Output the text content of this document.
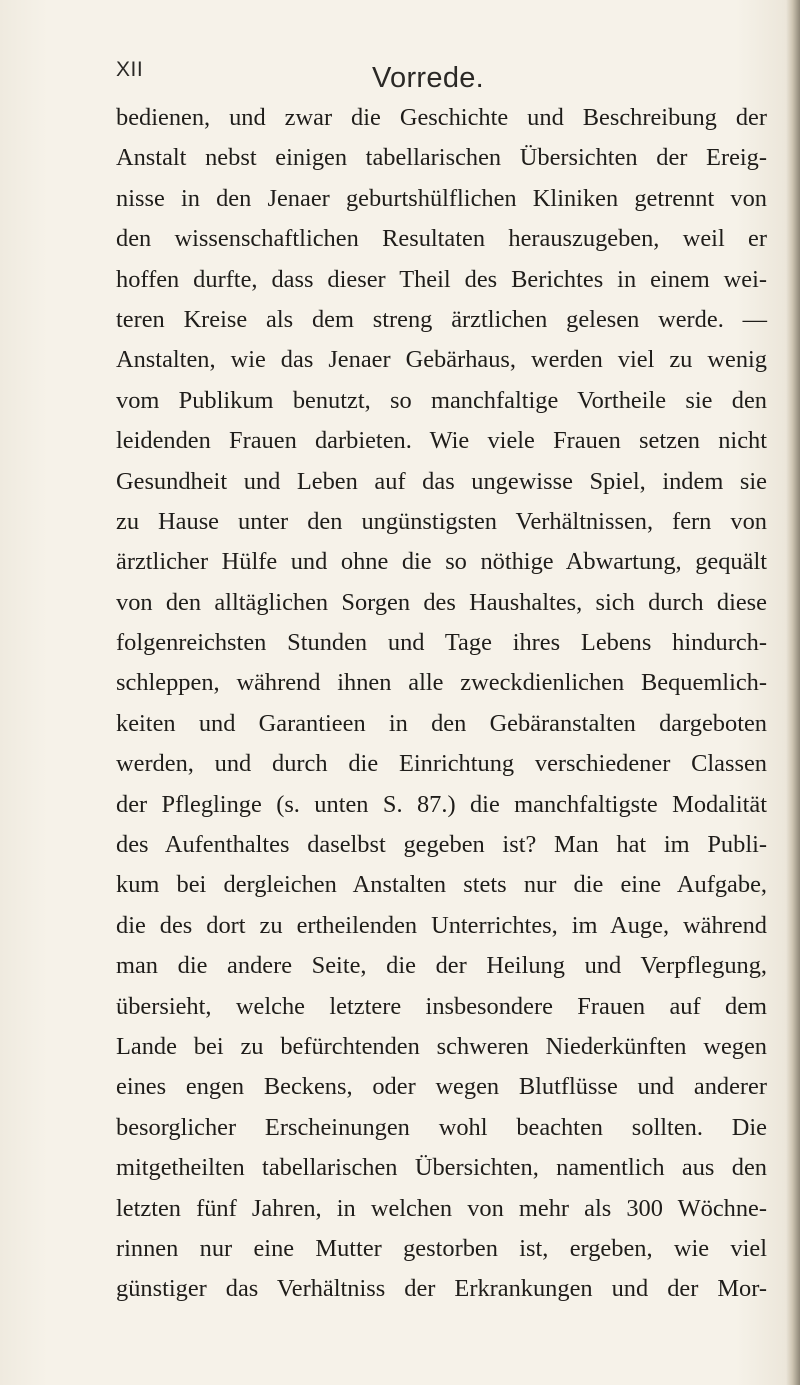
XII	Vorrede.
bedienen, und zwar die Geschichte und Beschreibung der
Anstalt nebst einigen tabellarischen Übersichten der Ereig-
nisse in den Jenaer geburtshülflichen Kliniken getrennt von
den wissenschaftlichen Resultaten herauszugeben, weil er
hoffen durfte, dass dieser Theil des Berichtes in einem wei-
teren Kreise als dem streng ärztlichen gelesen werde. —
Anstalten, wie das Jenaer Gebärhaus, werden viel zu wenig
vom Publikum benutzt, so manchfaltige Vortheile sie den
leidenden Frauen darbieten. Wie viele Frauen setzen nicht
Gesundheit und Leben auf das ungewisse Spiel, indem sie
zu Hause unter den ungünstigsten Verhältnissen, fern von
ärztlicher Hülfe und ohne die so nöthige Abwartung, gequält
von den alltäglichen Sorgen des Haushaltes, sich durch diese
folgenreichsten Stunden und Tage ihres Lebens hindurch-
schleppen, während ihnen alle zweckdienlichen Bequemlich-
keiten und Garantieen in den Gebäranstalten dargeboten
werden, und durch die Einrichtung verschiedener Classen
der Pfleglinge (s. unten S. 87.) die manchfaltigste Modalität
des Aufenthaltes daselbst gegeben ist? Man hat im Publi-
kum bei dergleichen Anstalten stets nur die eine Aufgabe,
die des dort zu ertheilenden Unterrichtes, im Auge, während
man die andere Seite, die der Heilung und Verpflegung,
übersieht, welche letztere insbesondere Frauen auf dem
Lande bei zu befürchtenden schweren Niederkünften wegen
eines engen Beckens, oder wegen Blutflüsse und anderer
besorglicher Erscheinungen wohl beachten sollten. Die
mitgetheilten tabellarischen Übersichten, namentlich aus den
letzten fünf Jahren, in welchen von mehr als 300 Wöchne-
rinnen nur eine Mutter gestorben ist, ergeben, wie viel
günstiger das Verhältniss der Erkrankungen und der Mor-
